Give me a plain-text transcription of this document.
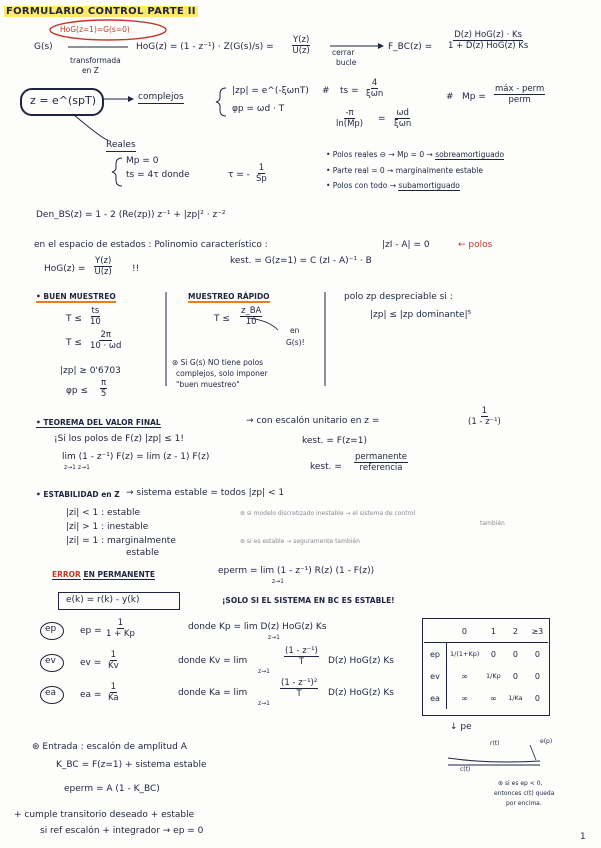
FORMULARIO CONTROL PARTE II
HoG(z=1)=G(s=0)
G(s)
transformada
en Z
$HoG(z) = (1 - z^{-1}) \cdot Z(G(s)/s) = \frac{Y(z)}{U(z)}$	cerrar
bucle
F_BC(z) =
D(z) HoG(z) · Ks
1 + D(z) HoG(z) Ks
z = e^(spT)	complejos
|zp| = e^(-ξωnT)
φp = ωd · T
# ts =
4
ξωn
$\frac{-\pi}{\ln(Mp)}$ =
ωd
ξωn
# Mp =
máx - perm
perm
Reales
Mp = 0
ts = 4τ donde	τ = - $\frac{1}{Sp}$
• Polos reales ⊖ → Mp = 0 → sobreamortiguado
• Parte real = 0 → marginalmente estable
• Polos con todo → subamortiguado
Den_BS(z) = 1 - 2 (Re(zp)) z⁻¹ + |zp|² · z⁻²
en el espacio de estados : Polinomio característico :	|zI - A| = 0	← polos
$HoG(z) = \frac{Y(z)}{U(z)}$ !!
kest. = G(z=1) = C (zI - A)⁻¹ · B
• BUEN MUESTREO	MUESTREO RÁPIDO
$T \le \frac{ts}{10}$
$T \le \frac{2\pi}{10 \cdot \omega d}$
|zp| ≥ 0'6703
$\varphi p \le \frac{\pi}{5}$
$T \le \frac{z\_BA}{10}$
en
G(s)!
⊛ Si G(s) NO tiene polos
complejos, solo imponer
"buen muestreo"
polo zp despreciable si :
|zp| ≤ |zp dominante|⁵
• TEOREMA DEL VALOR FINAL	→ con escalón unitario en z =	$\frac{1}{\text{(1 - z⁻¹)}}$
¡Si los polos de F(z) |zp| ≤ 1!
lim (1 - z⁻¹) F(z) = lim (z - 1) F(z)
z→1 z→1
kest. = F(z=1)
kest. =
permanente
referencia
• ESTABILIDAD en Z → sistema estable = todos |zp| < 1
|zi| < 1 : estable
|zi| > 1 : inestable
|zi| = 1 : marginalmente
estable
⊛ si modelo discretizado inestable → el sistema de control
también
⊛ si es estable → seguramente también
ERROR EN PERMANENTE	eperm = lim (1 - z⁻¹) R(z) (1 - F(z))
z→1
e(k) = r(k) - y(k)	¡SOLO SI EL SISTEMA EN BC ES ESTABLE!
ep	ep = $\frac{1}{1 + Kp}$	donde Kp = lim D(z) HoG(z) Ks
z→1
ev	ev = $\frac{1}{Kv}$	donde Kv = lim
z→1
$\frac{\text{(1 - z⁻¹)}}{T} D(z)$ HoG(z) Ks
ea	ea = $\frac{1}{Ka}$	donde Ka = lim
z→1
$\frac{\text{(1 - z⁻¹)²}}{T} D(z)$ HoG(z) Ks
	0	1	2	≥3
ep	1/(1+Kp)	0	0	0
ev	∞	1/Kp	0	0
ea	∞	∞	1/Ka	0
↓ pe
r(t)	e(p)
c(t)
⊛ si es ep < 0,
entonces c(t) queda
por encima.
⊛ Entrada : escalón de amplitud A
K_BC = F(z=1) + sistema estable
eperm = A (1 - K_BC)
+ cumple transitorio deseado + estable
si ref escalón + integrador → ep = 0
1
